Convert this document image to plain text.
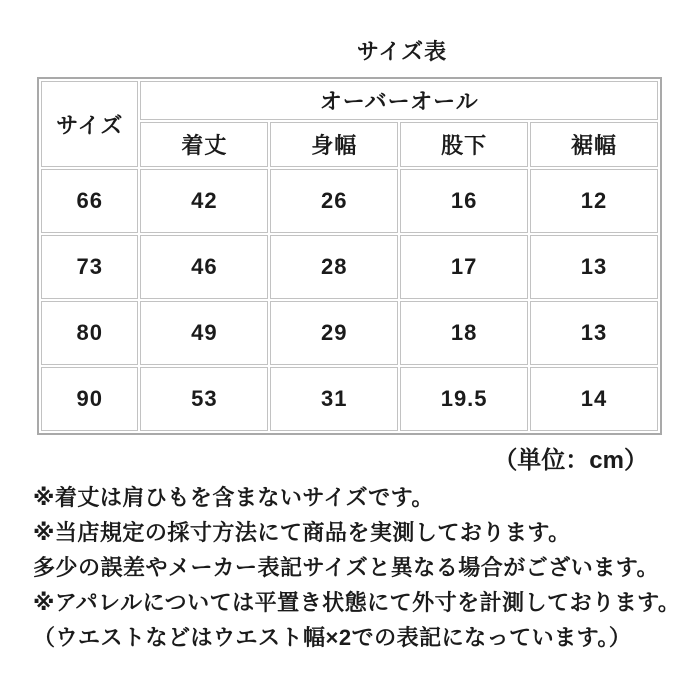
サイズ表
サイズ	オーバーオール			
	着丈	身幅	股下	裾幅
66	42	26	16	12
73	46	28	17	13
80	49	29	18	13
90	53	31	19.5	14
（単位：cm）

※着丈は肩ひもを含まないサイズです。

※当店規定の採寸方法にて商品を実測しております。

多少の誤差やメーカー表記サイズと異なる場合がございます。

※アパレルについては平置き状態にて外寸を計測しております。

（ウエストなどはウエスト幅×2での表記になっています。）
